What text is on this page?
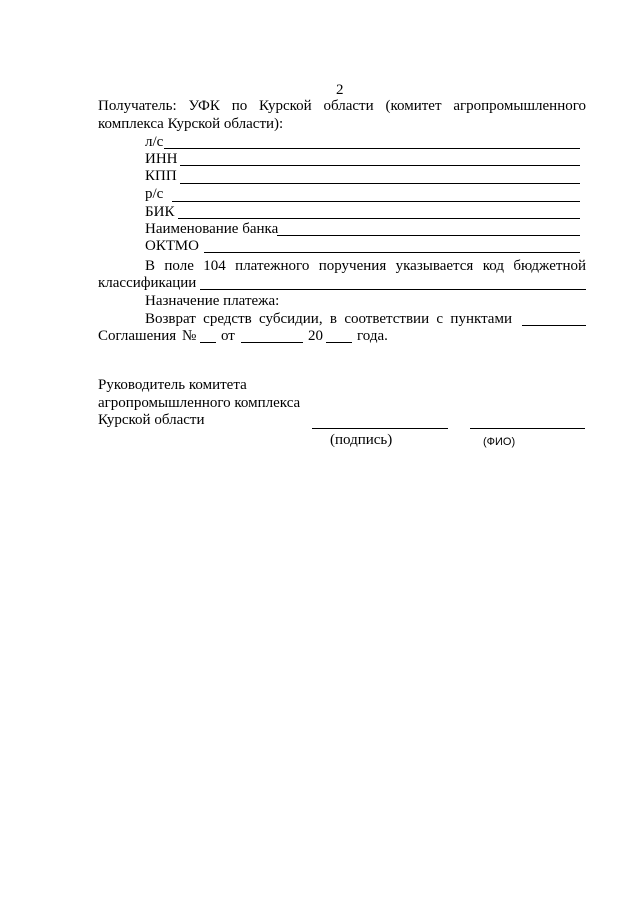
2
Получатель: УФК по Курской области (комитет агропромышленного
комплекса Курской области):
л/с
ИНН
КПП
р/с
БИК
Наименование банка
ОКТМО
В поле 104 платежного поручения указывается код бюджетной
классификации
Назначение платежа:
Возврат средств субсидии, в соответствии с пунктами
Соглашения № от	20 года.
Руководитель комитета
агропромышленного комплекса
Курской области
(подпись)	(ФИО)
